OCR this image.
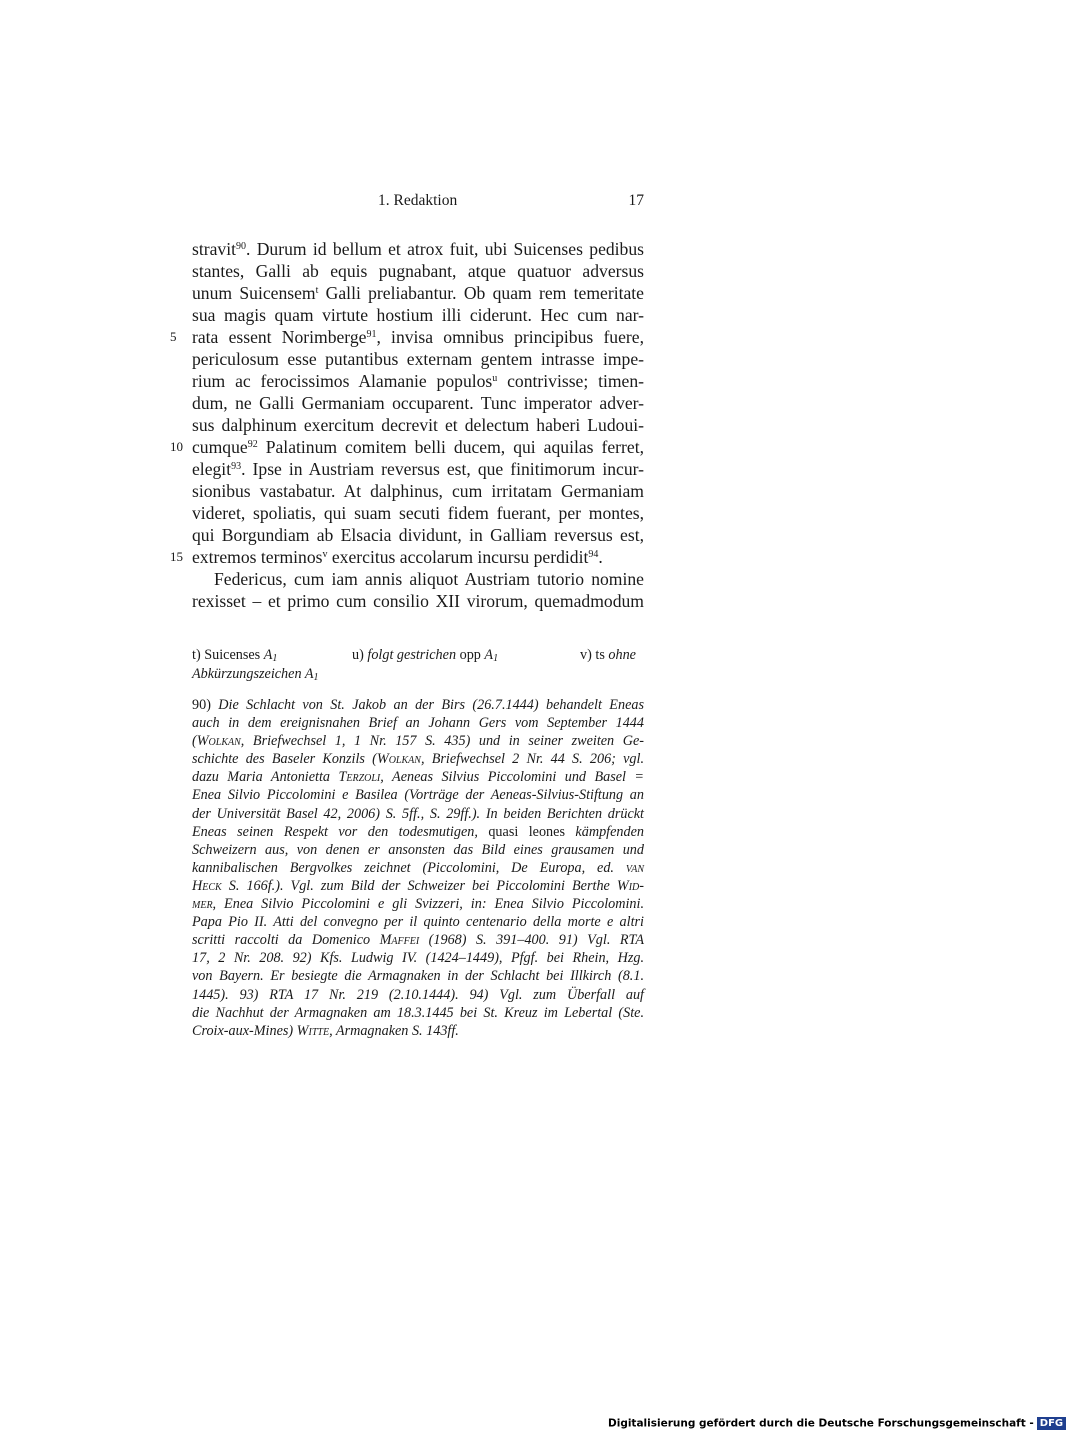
1. Redaktion	17
stravit$^{90}$. Durum id bellum et atrox fuit, ubi Suicenses pedibus
stantes, Galli ab equis pugnabant, atque quatuor adversus
unum Suicensem$^t$ Galli preliabantur. Ob quam rem temeritate
sua magis quam virtute hostium illi ciderunt. Hec cum nar-
5 rata essent Norimberge$^{91}$, invisa omnibus principibus fuere,
periculosum esse putantibus externam gentem intrasse impe-
rium ac ferocissimos Alamanie populos$^u$ contrivisse; timen-
dum, ne Galli Germaniam occuparent. Tunc imperator adver-
sus dalphinum exercitum decrevit et delectum haberi Ludoui-
10 cumque$^{92}$ Palatinum comitem belli ducem, qui aquilas ferret,
elegit$^{93}$. Ipse in Austriam reversus est, que finitimorum incur-
sionibus vastabatur. At dalphinus, cum irritatam Germaniam
videret, spoliatis, qui suam secuti fidem fuerant, per montes,
qui Borgundiam ab Elsacia dividunt, in Galliam reversus est,
15 extremos terminos$^v$ exercitus accolarum incursu perdidit$^{94}$.
Federicus, cum iam annis aliquot Austriam tutorio nomine
rexisset – et primo cum consilio XII virorum, quemadmodum
t) Suicenses $A_1$	u) folgt gestrichen opp $A_1$	v) ts ohne
Abkürzungszeichen $A_1$
90) Die Schlacht von St. Jakob an der Birs (26.7.1444) behandelt Eneas
auch in dem ereignisnahen Brief an Johann Gers vom September 1444
(Wolkan, Briefwechsel 1, 1 Nr. 157 S. 435) und in seiner zweiten Ge-
schichte des Baseler Konzils (Wolkan, Briefwechsel 2 Nr. 44 S. 206; vgl.
dazu Maria Antonietta Terzoli, Aeneas Silvius Piccolomini und Basel =
Enea Silvio Piccolomini e Basilea (Vorträge der Aeneas-Silvius-Stiftung an
der Universität Basel 42, 2006) S. 5ff., S. 29ff.). In beiden Berichten drückt
Eneas seinen Respekt vor den todesmutigen, quasi leones kämpfenden
Schweizern aus, von denen er ansonsten das Bild eines grausamen und
kannibalischen Bergvolkes zeichnet (Piccolomini, De Europa, ed. van
Heck S. 166f.). Vgl. zum Bild der Schweizer bei Piccolomini Berthe Wid-
mer, Enea Silvio Piccolomini e gli Svizzeri, in: Enea Silvio Piccolomini.
Papa Pio II. Atti del convegno per il quinto centenario della morte e altri
scritti raccolti da Domenico Maffei (1968) S. 391–400. 91) Vgl. RTA
17, 2 Nr. 208. 92) Kfs. Ludwig IV. (1424–1449), Pfgf. bei Rhein, Hzg.
von Bayern. Er besiegte die Armagnaken in der Schlacht bei Illkirch (8.1.
1445). 93) RTA 17 Nr. 219 (2.10.1444). 94) Vgl. zum Überfall auf
die Nachhut der Armagnaken am 18.3.1445 bei St. Kreuz im Lebertal (Ste.
Croix-aux-Mines) Witte, Armagnaken S. 143ff.
Digitalisierung gefördert durch die Deutsche Forschungsgemeinschaft - DFG
